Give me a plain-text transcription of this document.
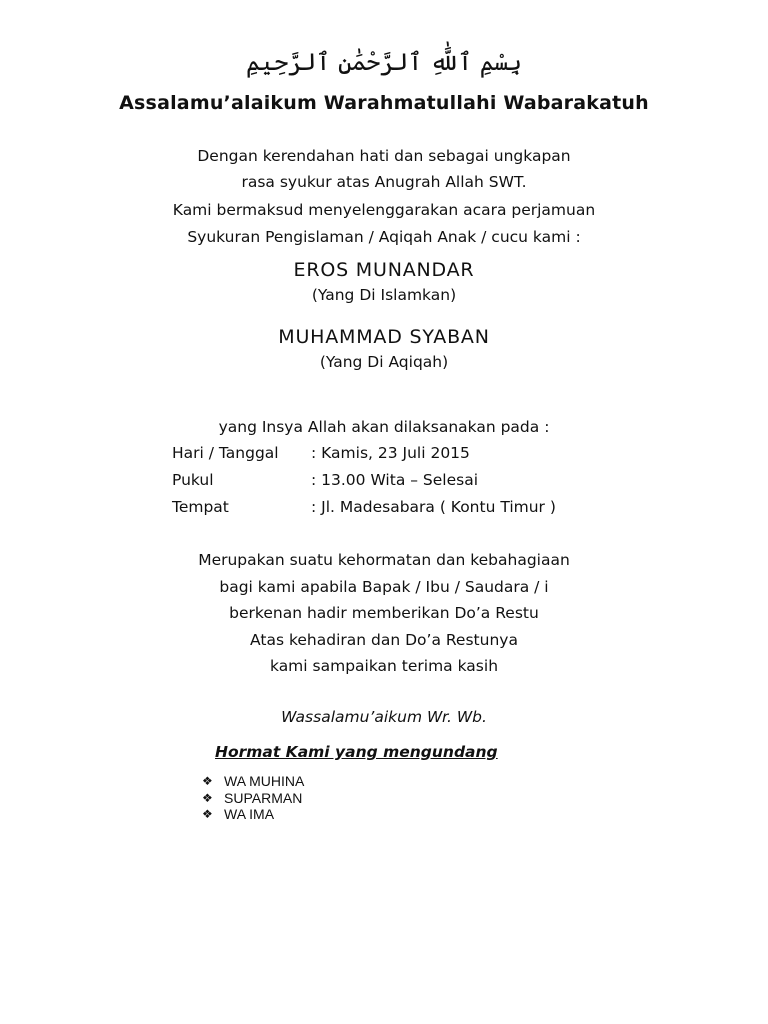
بِسْمِ ٱللَّٰهِ ٱلرَّحْمَٰنِ ٱلرَّحِيمِ
Assalamu’alaikum Warahmatullahi Wabarakatuh
Dengan kerendahan hati dan sebagai ungkapan
rasa syukur atas Anugrah Allah SWT.
Kami bermaksud menyelenggarakan acara perjamuan
Syukuran Pengislaman / Aqiqah Anak / cucu kami :
EROS MUNANDAR
(Yang Di Islamkan)
MUHAMMAD SYABAN
(Yang Di Aqiqah)
yang Insya Allah akan dilaksanakan pada :
Hari / Tanggal : Kamis, 23 Juli 2015
Pukul	: 13.00 Wita – Selesai
Tempat	: Jl. Madesabara ( Kontu Timur )
Merupakan suatu kehormatan dan kebahagiaan
bagi kami apabila Bapak / Ibu / Saudara / i
berkenan hadir memberikan Do’a Restu
Atas kehadiran dan Do’a Restunya
kami sampaikan terima kasih
Wassalamu’aikum Wr. Wb.
Hormat Kami yang mengundang
❖ WA MUHINA
❖ SUPARMAN
❖ WA IMA
